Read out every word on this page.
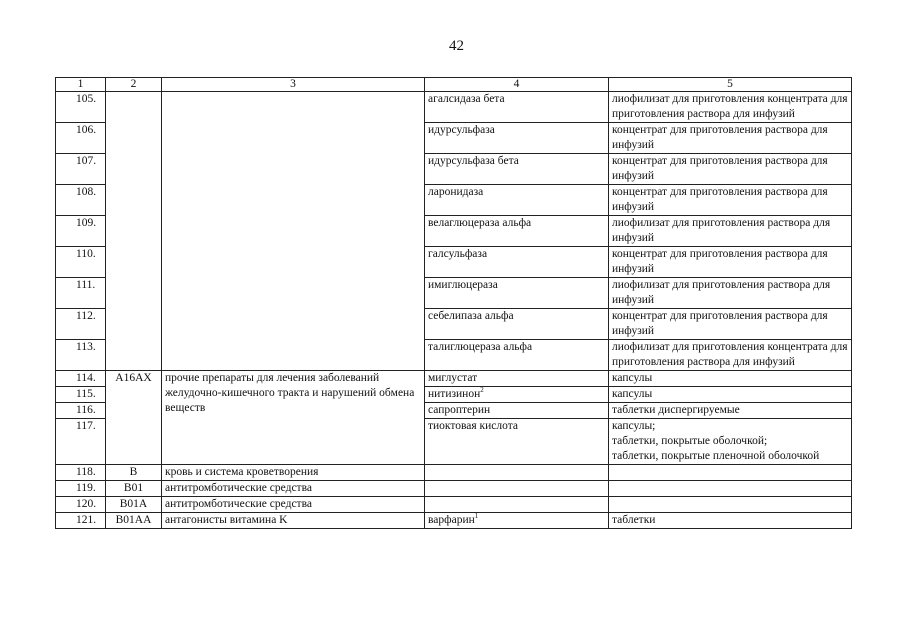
42
1	2	3	4	5
105.			агалсидаза бета	лиофилизат для приготовления концентрата для приготовления раствора для инфузий
106.			идурсульфаза	концентрат для приготовления раствора для инфузий
107.			идурсульфаза бета	концентрат для приготовления раствора для инфузий
108.			ларонидаза	концентрат для приготовления раствора для инфузий
109.			велаглюцераза альфа	лиофилизат для приготовления раствора для инфузий
110.			галсульфаза	концентрат для приготовления раствора для инфузий
111.			имиглюцераза	лиофилизат для приготовления раствора для инфузий
112.			себелипаза альфа	концентрат для приготовления раствора для инфузий
113.			талиглюцераза альфа	лиофилизат для приготовления концентрата для приготовления раствора для инфузий
114.	A16AX	прочие препараты для лечения заболеваний желудочно-кишечного тракта и нарушений обмена веществ	миглустат	капсулы
115.			нитизинон$^2$	капсулы
116.			сапроптерин	таблетки диспергируемые
117.			тиоктовая кислота	капсулы;
таблетки, покрытые оболочкой;
таблетки, покрытые пленочной оболочкой
118.	B	кровь и система кроветворения		
119.	B01	антитромботические средства		
120.	B01A	антитромботические средства		
121.	B01AA	антагонисты витамина K	варфарин$^1$	таблетки
